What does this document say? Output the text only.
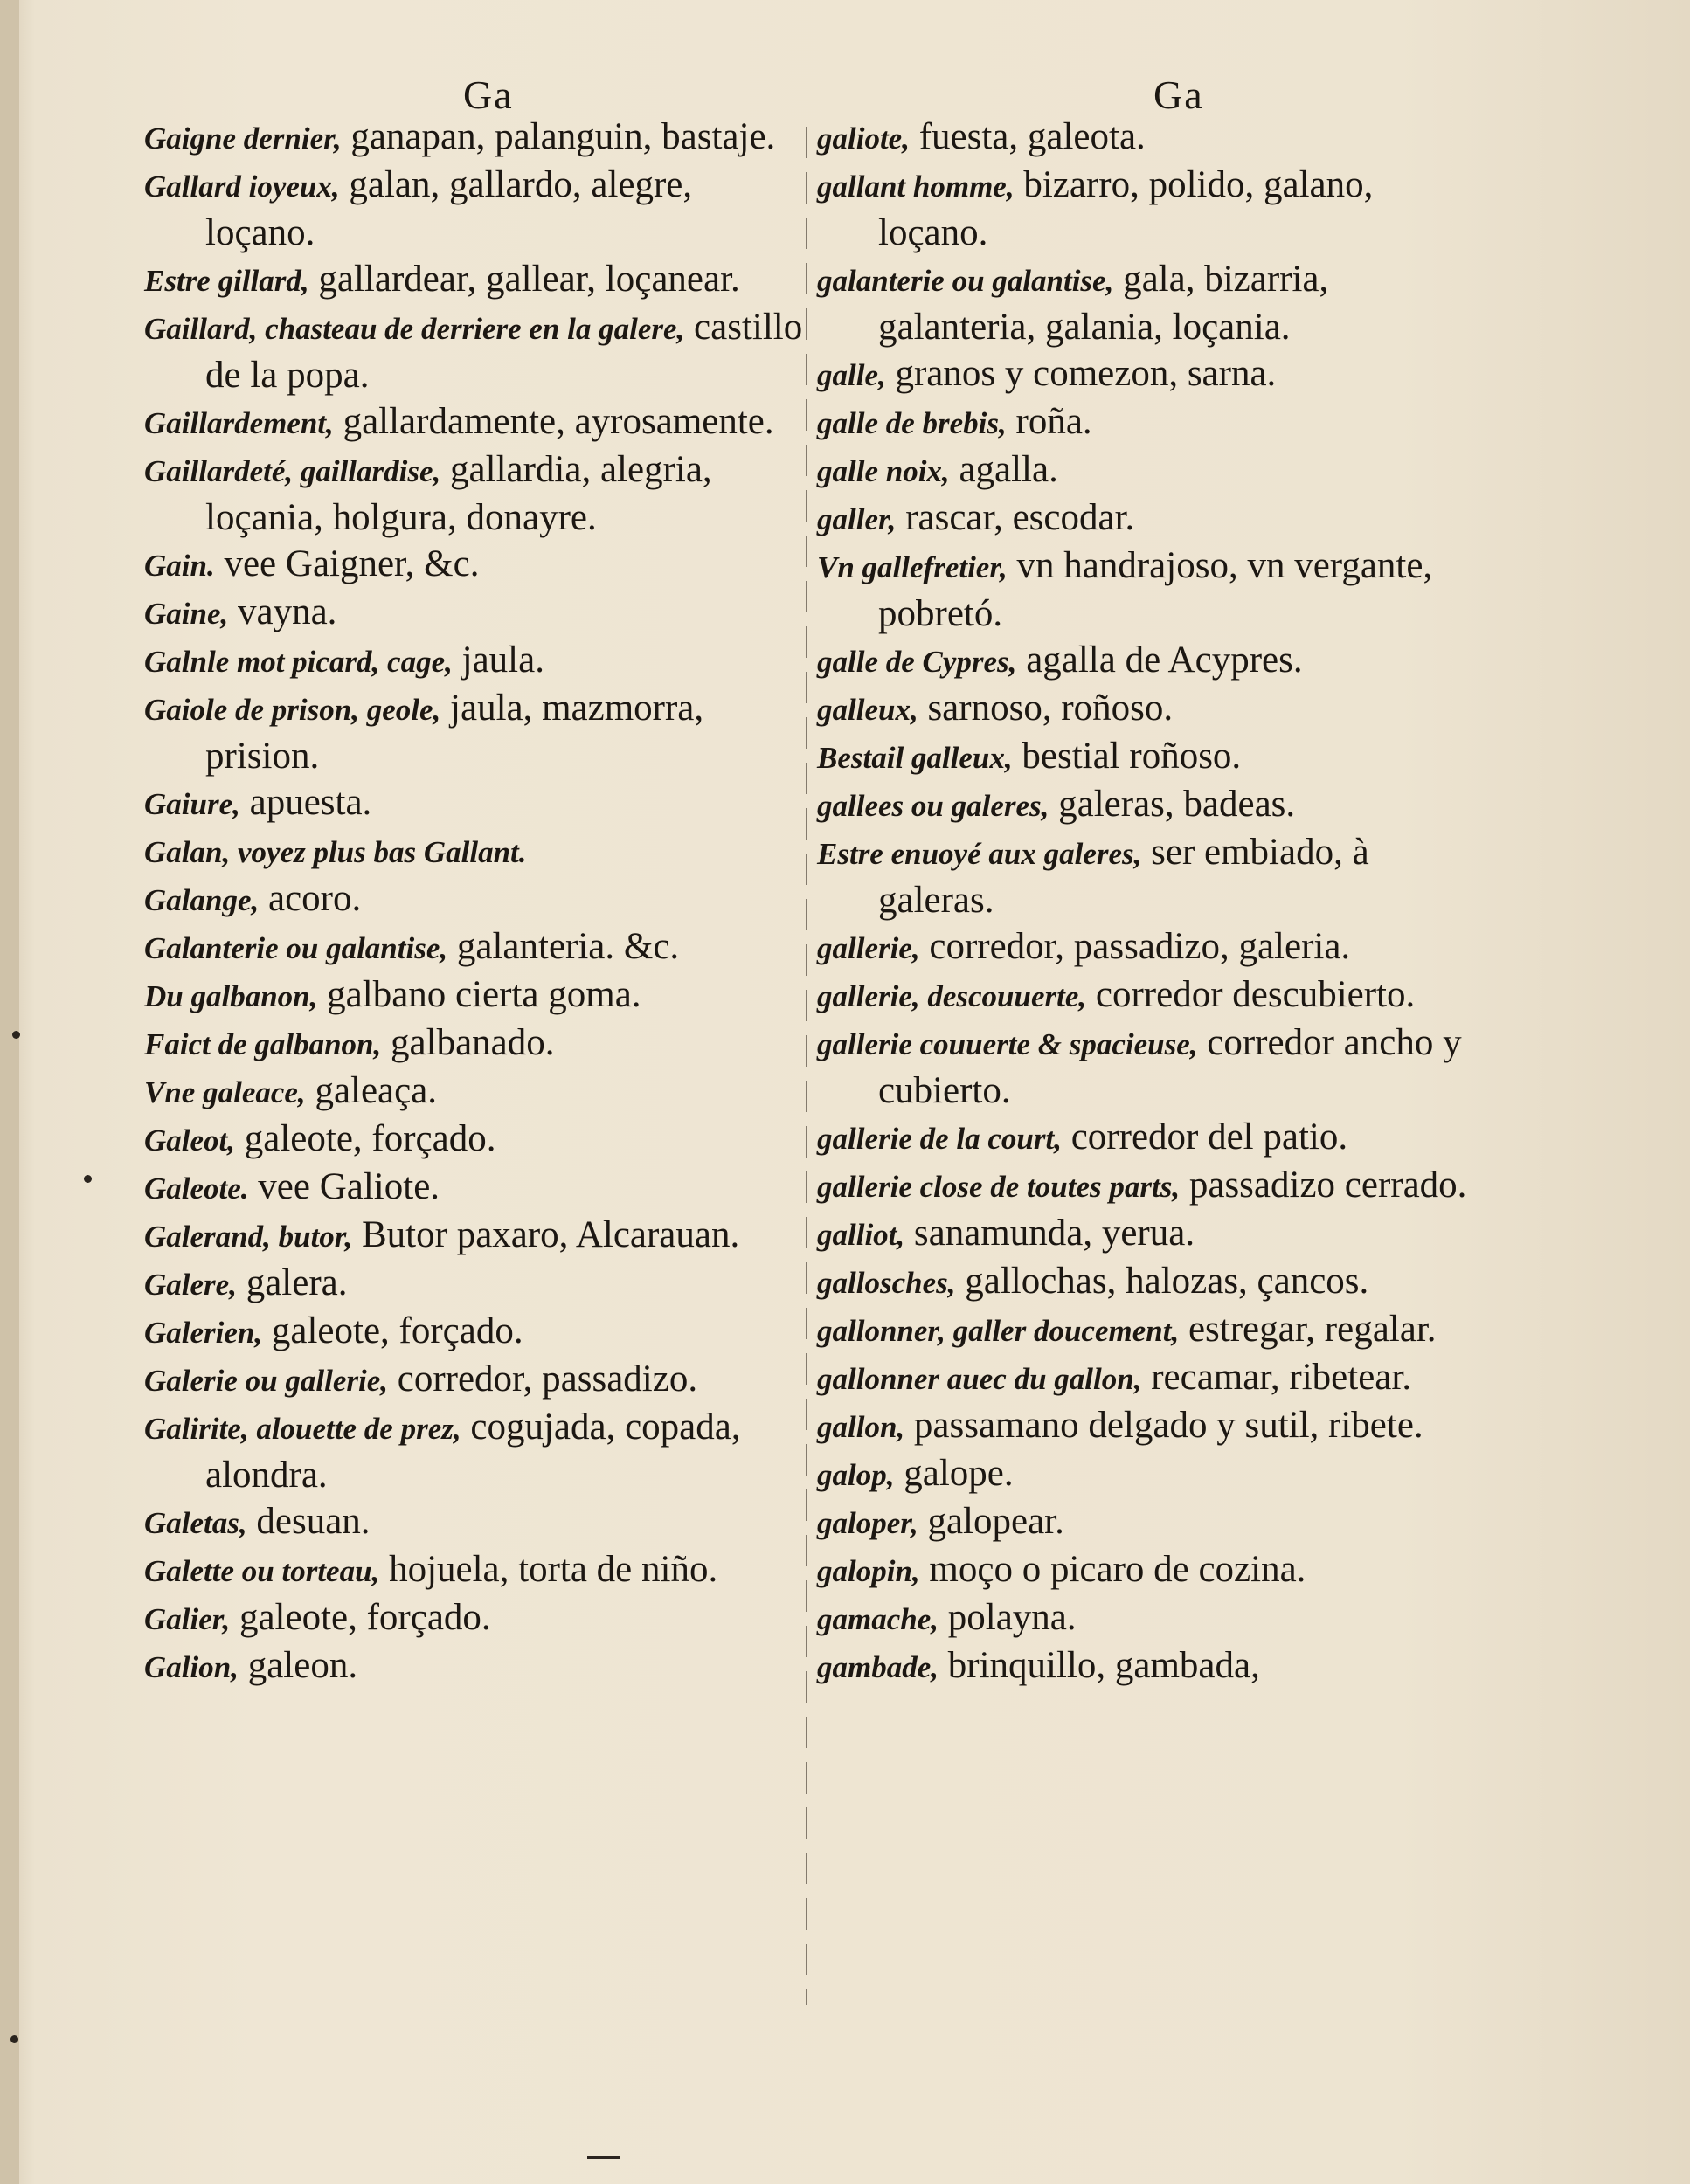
Ga	Ga
Gaigne dernier, ganapan, palanguin, bastaje.
Gallard ioyeux, galan, gallardo, alegre, loçano.
Estre gillard, gallardear, gallear, loçanear.
Gaillard, chasteau de derriere en la galere, castillo de la popa.
Gaillardement, gallardamente, ayrosamente.
Gaillardeté, gaillardise, gallardia, alegria, loçania, holgura, donayre.
Gain. vee Gaigner, &c.
Gaine, vayna.
Galnle mot picard, cage, jaula.
Gaiole de prison, geole, jaula, mazmorra, prision.
Gaiure, apuesta.
Galan, voyez plus bas Gallant.
Galange, acoro.
Galanterie ou galantise, galanteria. &c.
Du galbanon, galbano cierta goma.
Faict de galbanon, galbanado.
Vne galeace, galeaça.
Galeot, galeote, forçado.
Galeote. vee Galiote.
Galerand, butor, Butor paxaro, Alcarauan.
Galere, galera.
Galerien, galeote, forçado.
Galerie ou gallerie, corredor, passadizo.
Galirite, alouette de prez, cogujada, copada, alondra.
Galetas, desuan.
Galette ou torteau, hojuela, torta de niño.
Galier, galeote, forçado.
Galion, galeon.
galiote, fuesta, galeota.
gallant homme, bizarro, polido, galano, loçano.
galanterie ou galantise, gala, bizarria, galanteria, galania, loçania.
galle, granos y comezon, sarna.
galle de brebis, roña.
galle noix, agalla.
galler, rascar, escodar.
Vn gallefretier, vn handrajoso, vn vergante, pobretó.
galle de Cypres, agalla de Acypres.
galleux, sarnoso, roñoso.
Bestail galleux, bestial roñoso.
gallees ou galeres, galeras, badeas.
Estre enuoyé aux galeres, ser embiado, à galeras.
gallerie, corredor, passadizo, galeria.
gallerie, descouuerte, corredor descubierto.
gallerie couuerte & spacieuse, corredor ancho y cubierto.
gallerie de la court, corredor del patio.
gallerie close de toutes parts, passadizo cerrado.
galliot, sanamunda, yerua.
gallosches, gallochas, halozas, çancos.
gallonner, galler doucement, estregar, regalar.
gallonner auec du gallon, recamar, ribetear.
gallon, passamano delgado y sutil, ribete.
galop, galope.
galoper, galopear.
galopin, moço o picaro de cozina.
gamache, polayna.
gambade, brinquillo, gambada,
